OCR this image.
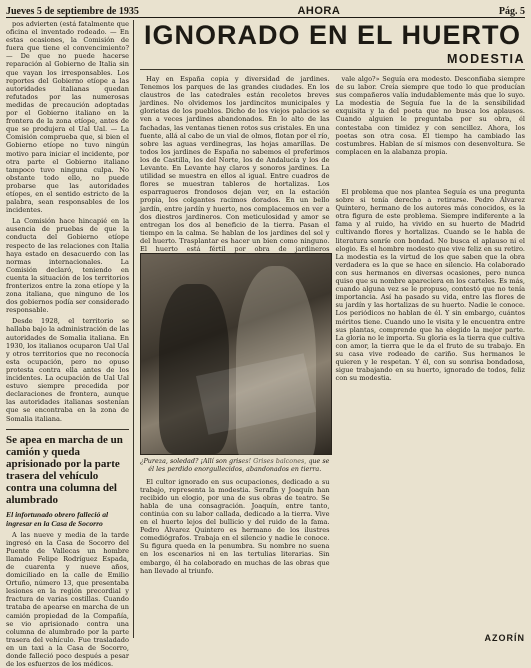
Jueves 5 de septiembre de 1935	AHORA	Pág. 5

pos advierten (está fatalmente que oficina el inventado rodeado. — En estas ocasiones, la Comisión de fuera que tiene el convencimiento? — De que no puede hacerse reparación al Gobierno de Italia sin que vayan los irresponsables. Los reportes del Gobierno etíope a las autoridades italianas quedan refutados por las numerosas medidas de precaución adoptadas por el Gobierno italiano en la frontera de la zona etíope, antes de que se produjera el Ual Ual. — La Comisión comprueba que, si bien el Gobierno etíope no tuvo ningún motivo para iniciar el incidente, por otra parte el Gobierno italiano tampoco tuvo ninguna culpa. No obstante todo ello, no puede probarse que las autoridades etíopes, en el sentido estricto de la palabra, sean responsables de los incidentes.

La Comisión hace hincapié en la ausencia de pruebas de que la conducta del Gobierno etíope respecto de las relaciones con Italia haya estado en desacuerdo con las normas internacionales. La Comisión declaró, teniendo en cuenta la situación de los territorios fronterizos entre la zona etíope y la zona italiana, que ninguno de los dos gobiernos podía ser considerado responsable.

Desde 1928, el territorio se hallaba bajo la administración de las autoridades de Somalia italiana. En 1930, los italianos ocuparon Ual Ual y otros territorios que no reconocía esta ocupación, pero no opuso protesta contra ella antes de los incidentes. La ocupación de Ual Ual estuvo siempre precedida por declaraciones de frontera, aunque las autoridades italianas sostenían que se encontraba en la zona de Somalia italiana.

Se apea en marcha de un camión y queda aprisionado por la parte trasera del vehículo contra una columna del alumbrado
El infortunado obrero falleció al ingresar en la Casa de Socorro

A las nueve y media de la tarde ingresó en la Casa de Socorro del Puente de Vallecas un hombre llamado Felipe Rodríguez Espada, de cuarenta y nueve años, domiciliado en la calle de Emilio Ortuño, número 13, que presentaba lesiones en la región precordial y fractura de varias costillas. Cuando trataba de apearse en marcha de un camión propiedad de la Compañía, se vio aprisionado contra una columna de alumbrado por la parte trasera del vehículo. Fue trasladado en un taxi a la Casa de Socorro, donde falleció poco después a pesar de los esfuerzos de los médicos.

IGNORADO EN EL HUERTO
MODESTIA

Hay en España copia y diversidad de jardines. Tenemos los parques de las grandes ciudades. En los claustros de las catedrales están recoletos breves jardines. No olvidemos los jardincitos municipales y glorietas de los pueblos. Dicho de los viejos palacios se ven a veces jardines abandonados. En lo alto de las fachadas, las ventanas tienen rotos sus cristales. En una fuente, allá al cabo de un vial de olmos, flotan por el río, sobre las aguas verdinegras, las hojas amarillas. De todos los jardines de España no sabemos el preferimos los de Castilla, los del Norte, los de Andalucía y los de Levante. En Levante hay claros y sonoros jardines. La utilidad se muestra en ellos al igual. Entre cuadros de flores se muestran tableros de hortalizas. Los esparragueros frondosos dejan ver, en la estación propia, los colgantes racimos dorados. En un bello jardín, entre jardín y huerto, nos complacemos en ver a dos diestros jardineros. Con meticulosidad y amor se entregan los dos al beneficio de la tierra. Pasan el tiempo en la calma. Se hablan de los jardines del sol y del huerto. Trasplantar es hacer un bien como ninguno. El huerto está fértil por obra de jardineros

¿Pureza, soledad? ¡Allí son grises! Grises balcones, que se él les perdido enorgullecidos, abandonados en tierra.

El cultor ignorado en sus ocupaciones, dedicado a su trabajo, representa la modestia. Serafín y Joaquín han recibido un elogio, por una de sus obras de teatro. Se habla de una consagración. Joaquín, entre tanto, continúa con su labor callada, dedicado a la tierra. Vive en el huerto lejos del bullicio y del ruido de la fama. Pedro Álvarez Quintero es hermano de los ilustres comediógrafos. Trabaja en el silencio y nadie le conoce. Su figura queda en la penumbra. Su nombre no suena en los escenarios ni en las tertulias literarias. Sin embargo, él ha colaborado en muchas de las obras que han llevado al triunfo.

vale algo?» Seguía era modesto. Desconfiaba siempre de su labor. Creía siempre que todo lo que producían sus compañeros valía indudablemente más que lo suyo. La modestia de Seguía fue la de la sensibilidad exquisita y la del poeta que no busca los aplausos. Cuando alguien le preguntaba por su obra, él contestaba con timidez y con sencillez. Ahora, los poetas son otra cosa. El tiempo ha cambiado las costumbres. Hablan de sí mismos con desenvoltura. Se complacen en la alabanza propia.

El problema que nos plantea Seguía es una pregunta sobre si tenía derecho a retirarse. Pedro Álvarez Quintero, hermano de los autores más conocidos, es la otra figura de este problema. Siempre indiferente a la fama y al ruido, ha vivido en su huerto de Madrid cultivando flores y hortalizas. Cuando se le habla de literatura sonríe con bondad. No busca el aplauso ni el elogio. Es el hombre modesto que vive feliz en su retiro. La modestia es la virtud de los que saben que la obra verdadera es la que se hace en silencio. Ha colaborado con sus hermanos en diversas ocasiones, pero nunca quiso que su nombre apareciera en los carteles. Es más, cuando alguna vez se le propuso, contestó que no tenía importancia. Así ha pasado su vida, entre las flores de su jardín y las hortalizas de su huerto. Nadie le conoce. Los periódicos no hablan de él. Y sin embargo, cuántos méritos tiene. Cuando uno le visita y le encuentra entre sus plantas, comprende que ha elegido la mejor parte. La gloria no le importa. Su gloria es la tierra que cultiva con amor, la tierra que le da el fruto de su trabajo. En su casa vive rodeado de cariño. Sus hermanos le quieren y le respetan. Y él, con su sonrisa bondadosa, sigue trabajando en su huerto, ignorado de todos, feliz con su modestia.

AZORÍN
